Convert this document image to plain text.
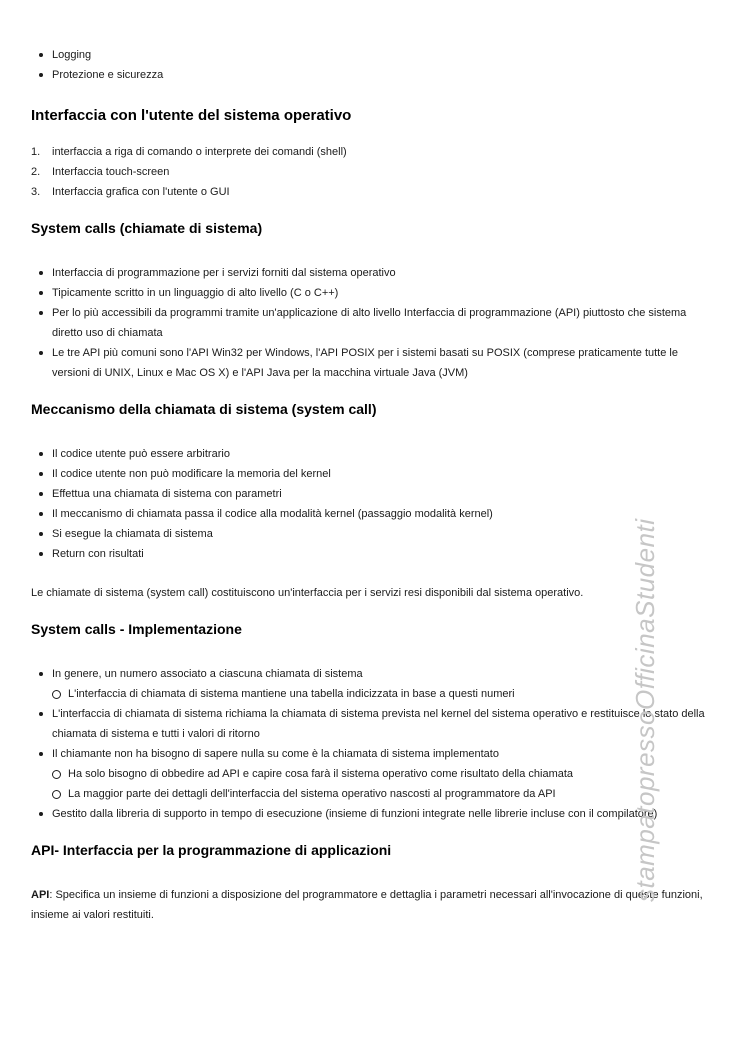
Logging
Protezione e sicurezza
Interfaccia con l'utente del sistema operativo
1. interfaccia a riga di comando o interprete dei comandi (shell)
2. Interfaccia touch-screen
3. Interfaccia grafica con l'utente o GUI
System calls (chiamate di sistema)
Interfaccia di programmazione per i servizi forniti dal sistema operativo
Tipicamente scritto in un linguaggio di alto livello (C o C++)
Per lo più accessibili da programmi tramite un'applicazione di alto livello Interfaccia di programmazione (API) piuttosto che sistema diretto uso di chiamata
Le tre API più comuni sono l'API Win32 per Windows, l'API POSIX per i sistemi basati su POSIX (comprese praticamente tutte le versioni di UNIX, Linux e Mac OS X) e l'API Java per la macchina virtuale Java (JVM)
Meccanismo della chiamata di sistema (system call)
Il codice utente può essere arbitrario
Il codice utente non può modificare la memoria del kernel
Effettua una chiamata di sistema con parametri
Il meccanismo di chiamata passa il codice alla modalità kernel (passaggio modalità kernel)
Si esegue la chiamata di sistema
Return con risultati

Le chiamate di sistema (system call) costituiscono un'interfaccia per i servizi resi disponibili dal sistema operativo.

System calls - Implementazione
In genere, un numero associato a ciascuna chiamata di sistema
L'interfaccia di chiamata di sistema mantiene una tabella indicizzata in base a questi numeri
L'interfaccia di chiamata di sistema richiama la chiamata di sistema prevista nel kernel del sistema operativo e restituisce lo stato della chiamata di sistema e tutti i valori di ritorno
Il chiamante non ha bisogno di sapere nulla su come è la chiamata di sistema implementato
Ha solo bisogno di obbedire ad API e capire cosa farà il sistema operativo come risultato della chiamata
La maggior parte dei dettagli dell'interfaccia del sistema operativo nascosti al programmatore da API
Gestito dalla libreria di supporto in tempo di esecuzione (insieme di funzioni integrate nelle librerie incluse con il compilatore)
API- Interfaccia per la programmazione di applicazioni

API: Specifica un insieme di funzioni a disposizione del programmatore e dettaglia i parametri necessari all'invocazione di queste funzioni, insieme ai valori restituiti.

stampatopressoOfficinaStudenti
